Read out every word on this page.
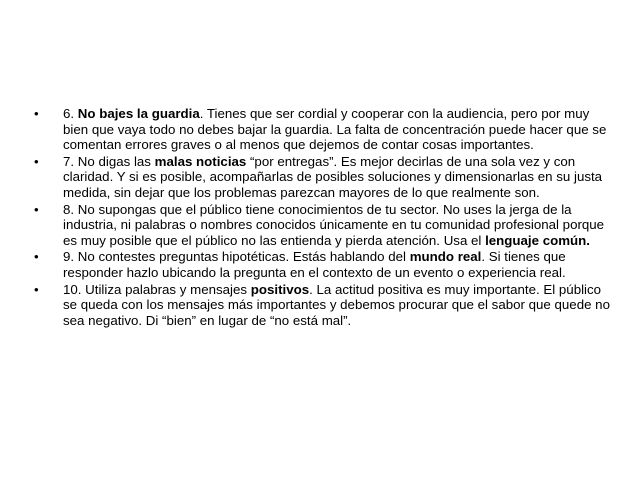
•	6. No bajes la guardia. Tienes que ser cordial y cooperar con la audiencia, pero por muy bien que vaya todo no debes bajar la guardia. La falta de concentración puede hacer que se comentan errores graves o al menos que dejemos de contar cosas importantes.
•	7. No digas las malas noticias “por entregas”. Es mejor decirlas de una sola vez y con claridad. Y si es posible, acompañarlas de posibles soluciones y dimensionarlas en su justa medida, sin dejar que los problemas parezcan mayores de lo que realmente son.
•	8. No supongas que el público tiene conocimientos de tu sector. No uses la jerga de la industria, ni palabras o nombres conocidos únicamente en tu comunidad profesional porque es muy posible que el público no las entienda y pierda atención. Usa el lenguaje común.
•	9. No contestes preguntas hipotéticas. Estás hablando del mundo real. Si tienes que responder hazlo ubicando la pregunta en el contexto de un evento o experiencia real.
•	10. Utiliza palabras y mensajes positivos. La actitud positiva es muy importante. El público se queda con los mensajes más importantes y debemos procurar que el sabor que quede no sea negativo. Di “bien” en lugar de “no está mal”.
